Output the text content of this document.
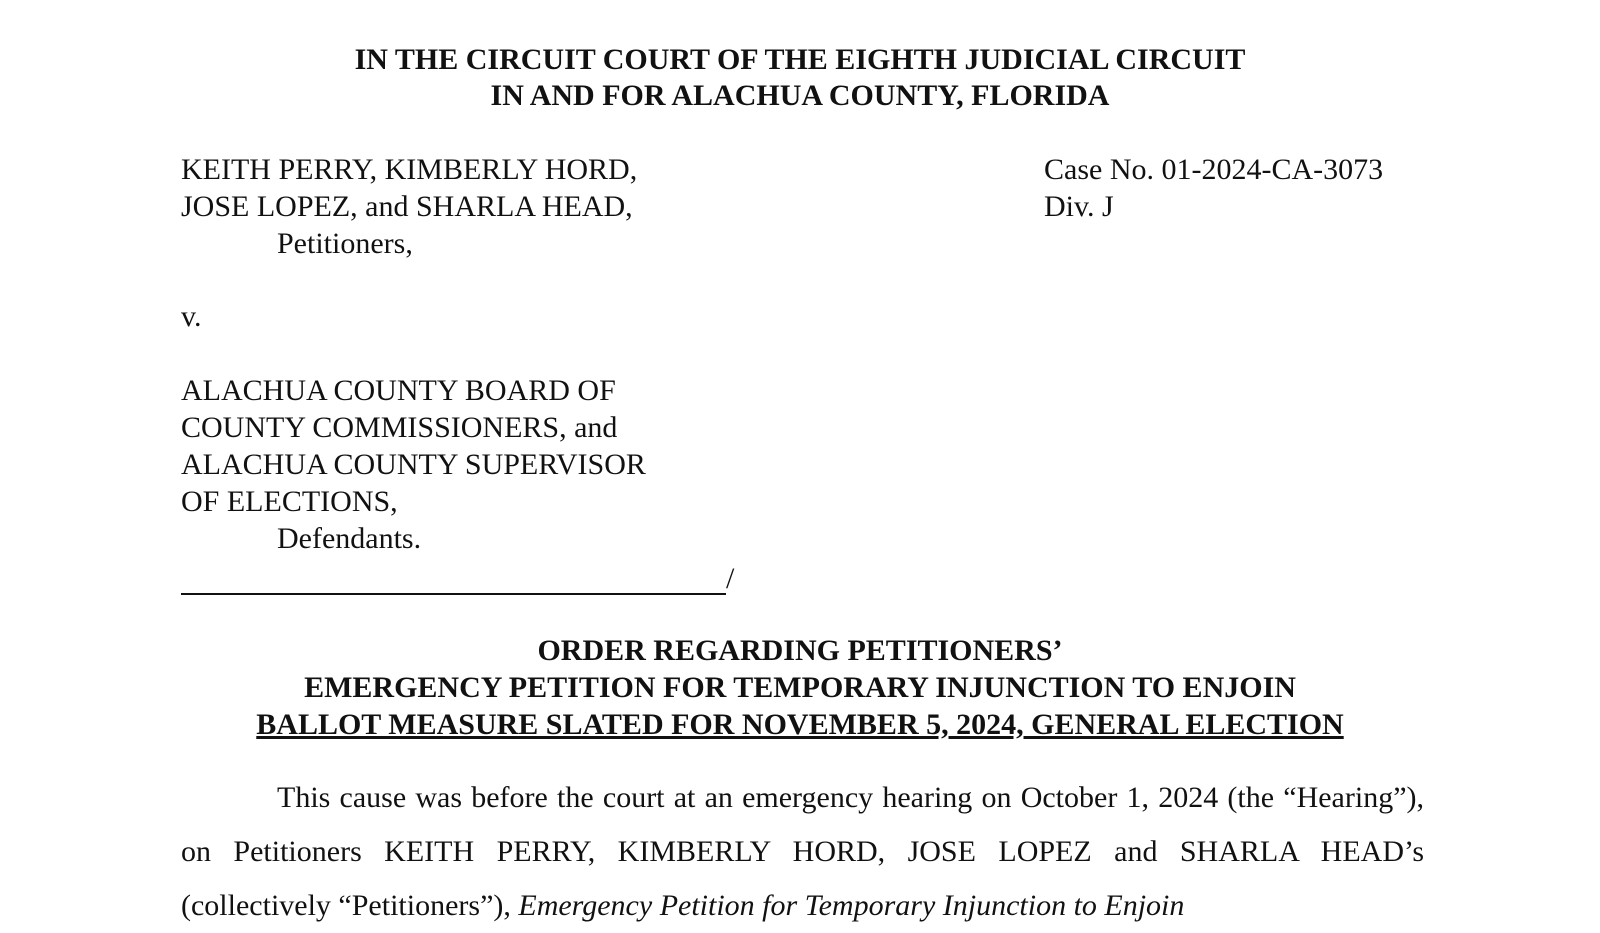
IN THE CIRCUIT COURT OF THE EIGHTH JUDICIAL CIRCUIT
IN AND FOR ALACHUA COUNTY, FLORIDA
KEITH PERRY, KIMBERLY HORD,
JOSE LOPEZ, and SHARLA HEAD,
Petitioners,
v.
ALACHUA COUNTY BOARD OF
COUNTY COMMISSIONERS, and
ALACHUA COUNTY SUPERVISOR
OF ELECTIONS,
Defendants.
Case No. 01-2024-CA-3073
Div. J
/
ORDER REGARDING PETITIONERS’
EMERGENCY PETITION FOR TEMPORARY INJUNCTION TO ENJOIN
BALLOT MEASURE SLATED FOR NOVEMBER 5, 2024, GENERAL ELECTION

This cause was before the court at an emergency hearing on October 1, 2024 (the “Hearing”), on Petitioners KEITH PERRY, KIMBERLY HORD, JOSE LOPEZ and SHARLA HEAD’s (collectively “Petitioners”), Emergency Petition for Temporary Injunction to Enjoin
